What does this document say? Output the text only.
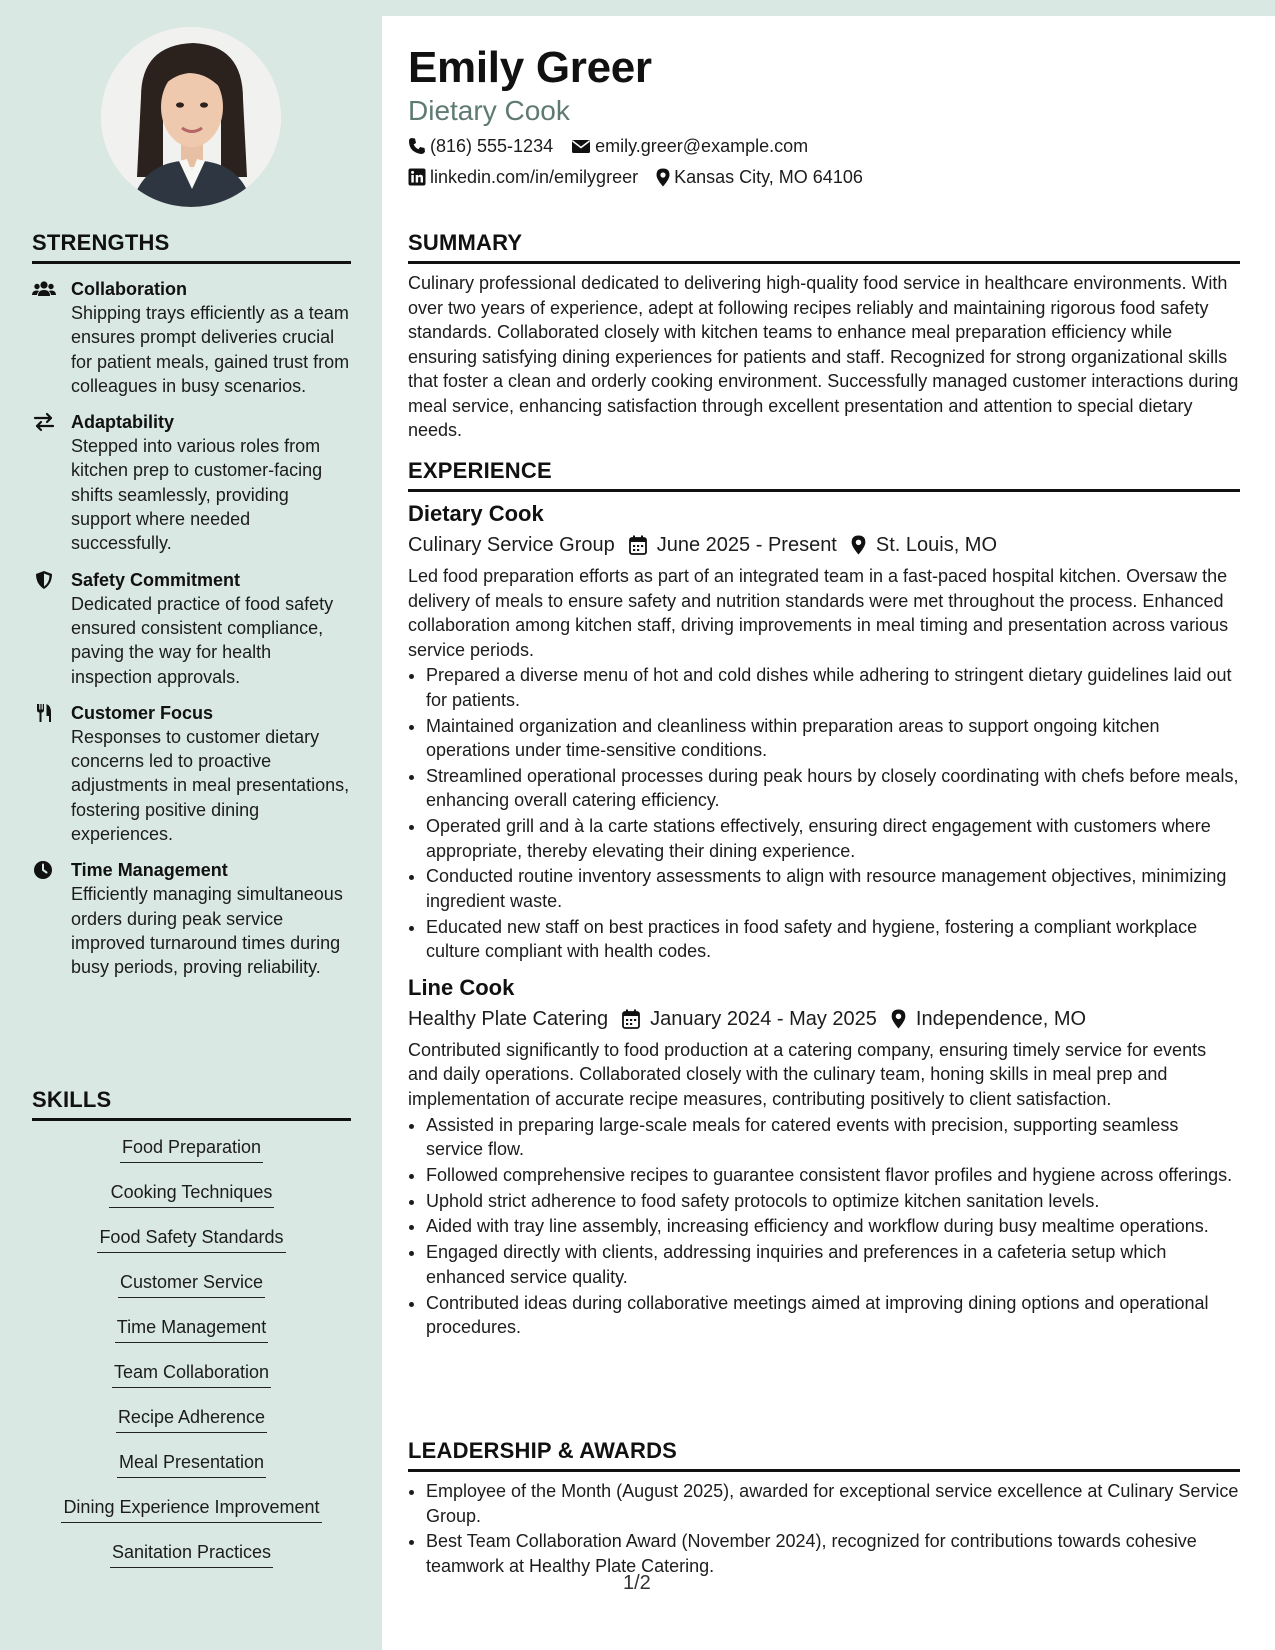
STRENGTHS
Collaboration
Shipping trays efficiently as a team ensures prompt deliveries crucial for patient meals, gained trust from colleagues in busy scenarios.
Adaptability
Stepped into various roles from kitchen prep to customer-facing shifts seamlessly, providing support where needed successfully.
Safety Commitment
Dedicated practice of food safety ensured consistent compliance, paving the way for health inspection approvals.
Customer Focus
Responses to customer dietary concerns led to proactive adjustments in meal presentations, fostering positive dining experiences.
Time Management
Efficiently managing simultaneous orders during peak service improved turnaround times during busy periods, proving reliability.
SKILLS
Food Preparation
Cooking Techniques
Food Safety Standards
Customer Service
Time Management
Team Collaboration
Recipe Adherence
Meal Presentation
Dining Experience Improvement
Sanitation Practices
Emily Greer
Dietary Cook
(816) 555-1234 emily.greer@example.com
linkedin.com/in/emilygreer Kansas City, MO 64106
SUMMARY

Culinary professional dedicated to delivering high-quality food service in healthcare environments. With over two years of experience, adept at following recipes reliably and maintaining rigorous food safety standards. Collaborated closely with kitchen teams to enhance meal preparation efficiency while ensuring satisfying dining experiences for patients and staff. Recognized for strong organizational skills that foster a clean and orderly cooking environment. Successfully managed customer interactions during meal service, enhancing satisfaction through excellent presentation and attention to special dietary needs.

EXPERIENCE
Dietary Cook
Culinary Service Group June 2025 - Present St. Louis, MO

Led food preparation efforts as part of an integrated team in a fast-paced hospital kitchen. Oversaw the delivery of meals to ensure safety and nutrition standards were met throughout the process. Enhanced collaboration among kitchen staff, driving improvements in meal timing and presentation across various service periods.

• Prepared a diverse menu of hot and cold dishes while adhering to stringent dietary guidelines laid out for patients.
• Maintained organization and cleanliness within preparation areas to support ongoing kitchen operations under time-sensitive conditions.
• Streamlined operational processes during peak hours by closely coordinating with chefs before meals, enhancing overall catering efficiency.
• Operated grill and à la carte stations effectively, ensuring direct engagement with customers where appropriate, thereby elevating their dining experience.
• Conducted routine inventory assessments to align with resource management objectives, minimizing ingredient waste.
• Educated new staff on best practices in food safety and hygiene, fostering a compliant workplace culture compliant with health codes.
Line Cook
Healthy Plate Catering January 2024 - May 2025 Independence, MO

Contributed significantly to food production at a catering company, ensuring timely service for events and daily operations. Collaborated closely with the culinary team, honing skills in meal prep and implementation of accurate recipe measures, contributing positively to client satisfaction.

• Assisted in preparing large-scale meals for catered events with precision, supporting seamless service flow.
• Followed comprehensive recipes to guarantee consistent flavor profiles and hygiene across offerings.
• Uphold strict adherence to food safety protocols to optimize kitchen sanitation levels.
• Aided with tray line assembly, increasing efficiency and workflow during busy mealtime operations.
• Engaged directly with clients, addressing inquiries and preferences in a cafeteria setup which enhanced service quality.
• Contributed ideas during collaborative meetings aimed at improving dining options and operational procedures.
LEADERSHIP & AWARDS
• Employee of the Month (August 2025), awarded for exceptional service excellence at Culinary Service Group.
• Best Team Collaboration Award (November 2024), recognized for contributions towards cohesive teamwork at Healthy Plate Catering.
1/2
